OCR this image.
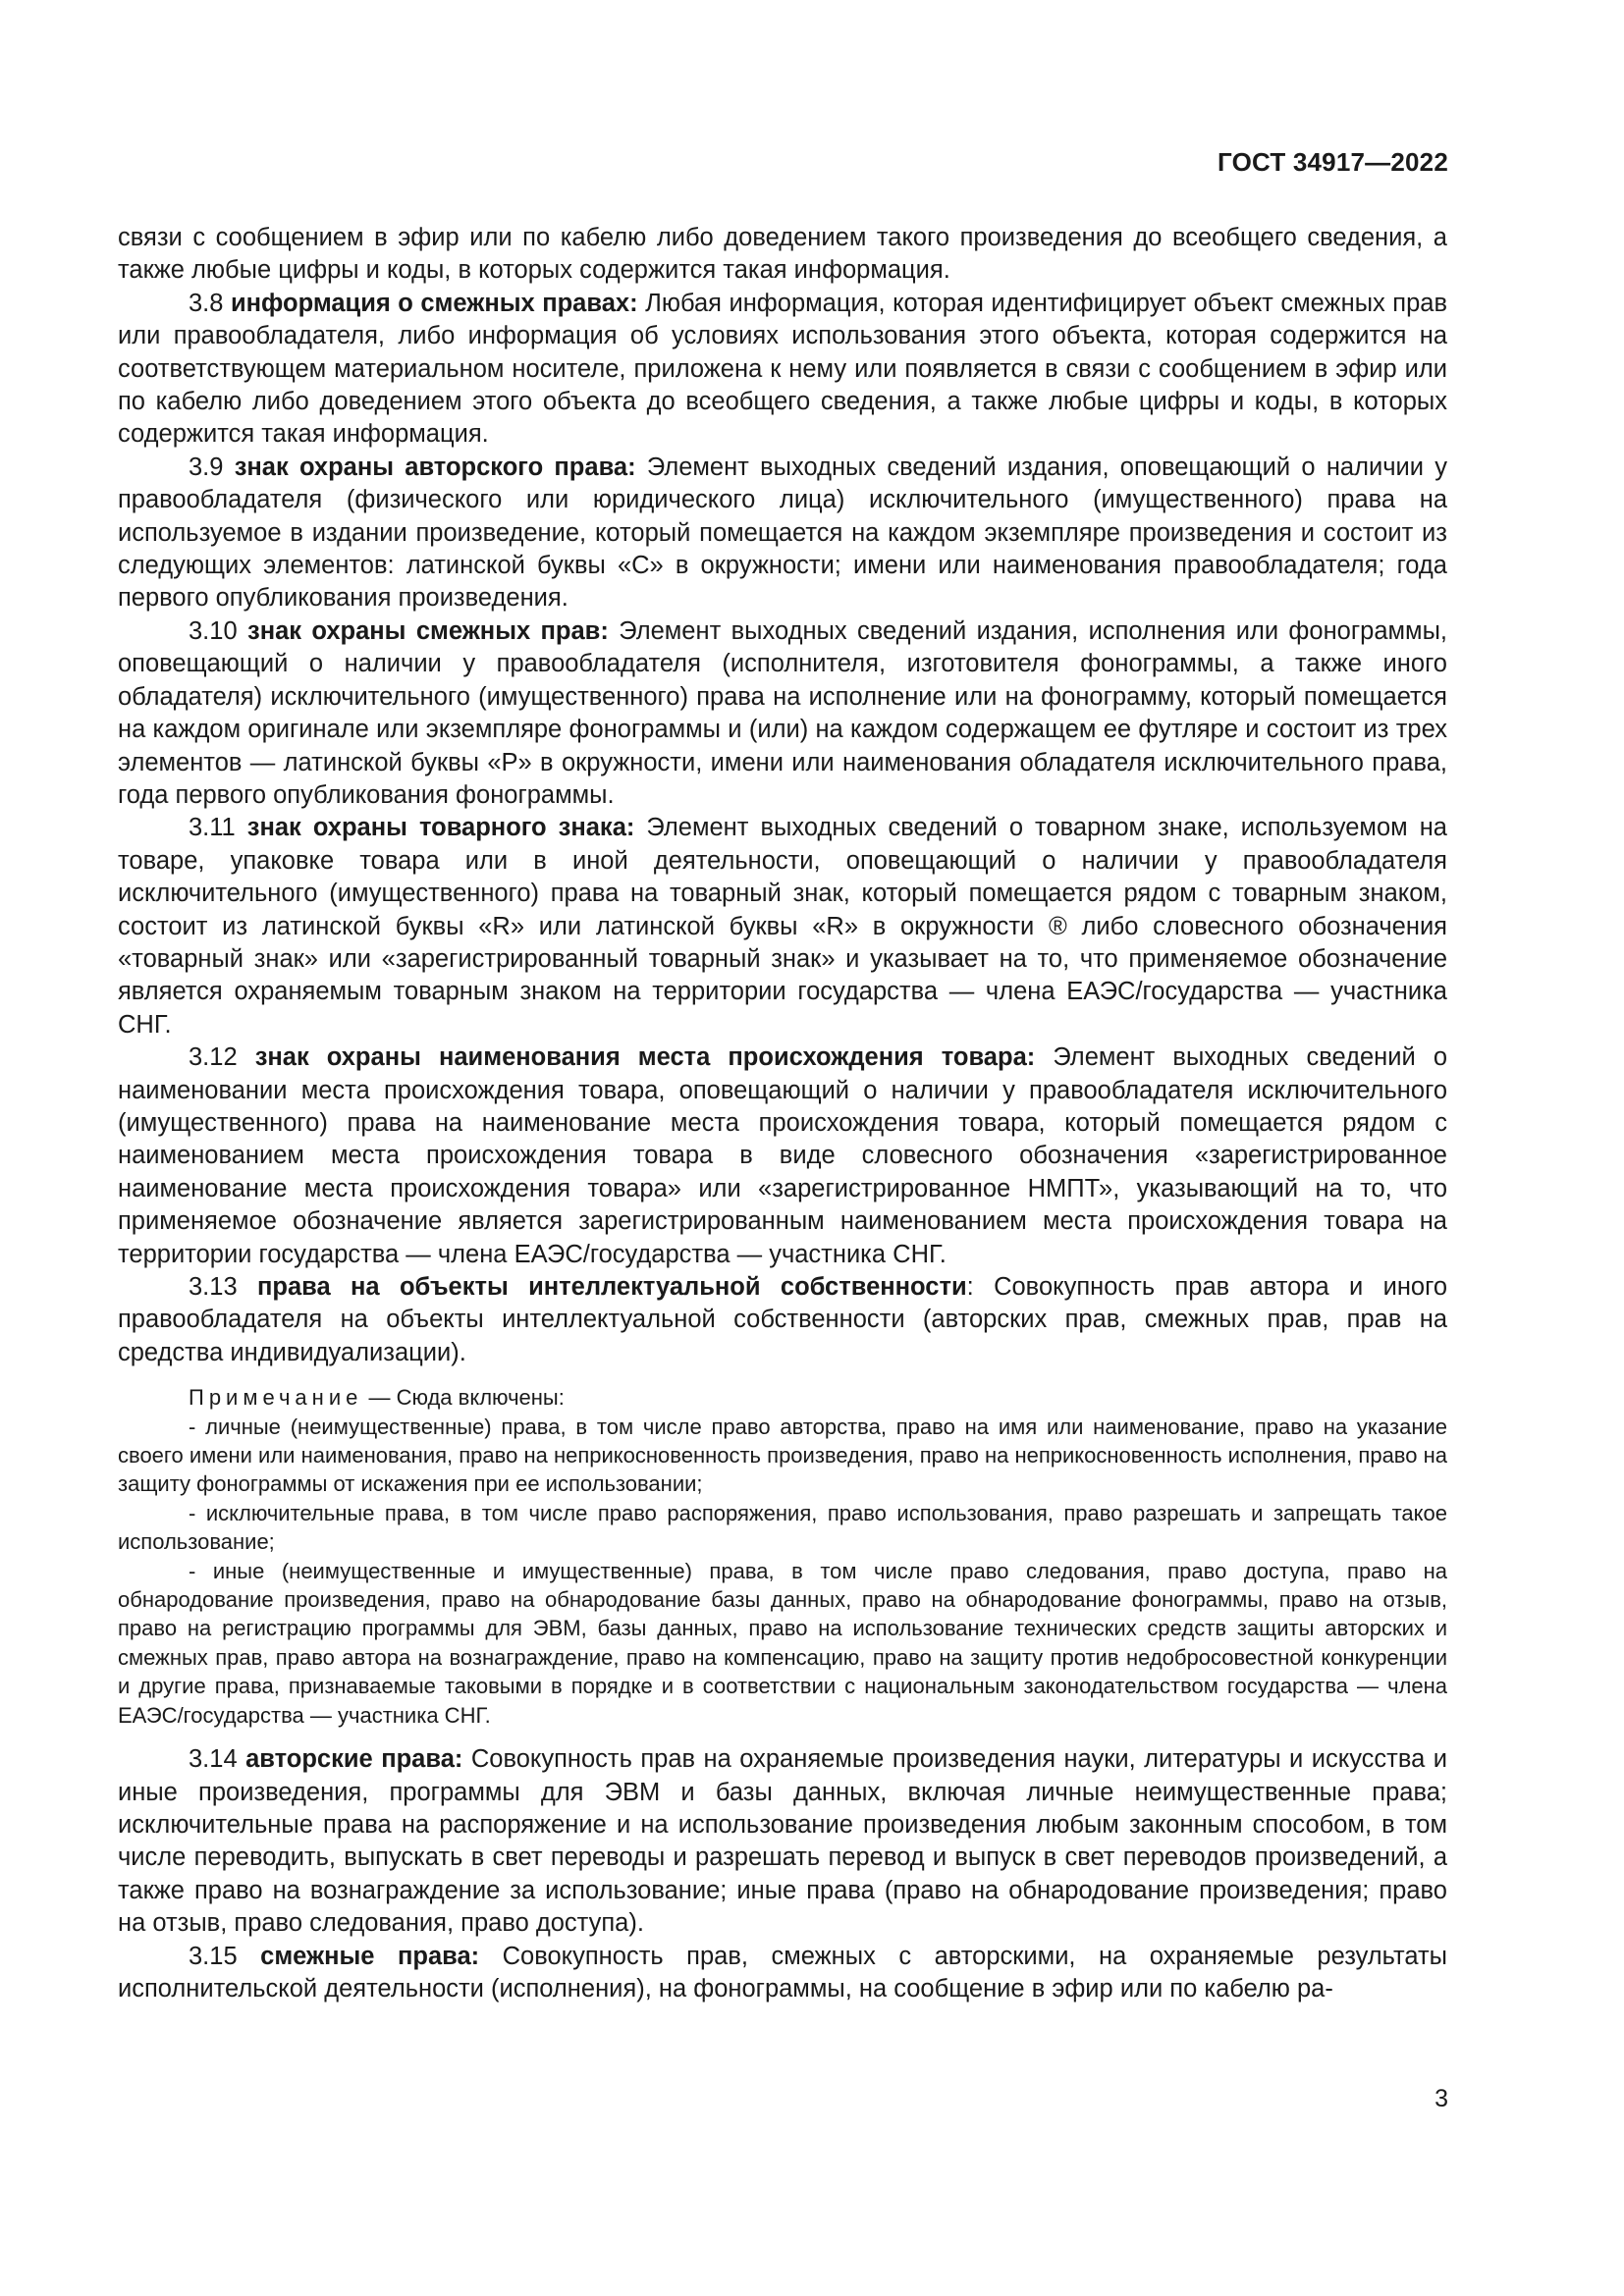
ГОСТ 34917—2022

связи с сообщением в эфир или по кабелю либо доведением такого произведения до всеобщего сведения, а также любые цифры и коды, в которых содержится такая информация.

3.8 информация о смежных правах: Любая информация, которая идентифицирует объект смежных прав или правообладателя, либо информация об условиях использования этого объекта, которая содержится на соответствующем материальном носителе, приложена к нему или появляется в связи с сообщением в эфир или по кабелю либо доведением этого объекта до всеобщего сведения, а также любые цифры и коды, в которых содержится такая информация.

3.9 знак охраны авторского права: Элемент выходных сведений издания, оповещающий о наличии у правообладателя (физического или юридического лица) исключительного (имущественного) права на используемое в издании произведение, который помещается на каждом экземпляре произведения и состоит из следующих элементов: латинской буквы «С» в окружности; имени или наименования правообладателя; года первого опубликования произведения.

3.10 знак охраны смежных прав: Элемент выходных сведений издания, исполнения или фонограммы, оповещающий о наличии у правообладателя (исполнителя, изготовителя фонограммы, а также иного обладателя) исключительного (имущественного) права на исполнение или на фонограмму, который помещается на каждом оригинале или экземпляре фонограммы и (или) на каждом содержащем ее футляре и состоит из трех элементов — латинской буквы «P» в окружности, имени или наименования обладателя исключительного права, года первого опубликования фонограммы.

3.11 знак охраны товарного знака: Элемент выходных сведений о товарном знаке, используемом на товаре, упаковке товара или в иной деятельности, оповещающий о наличии у правообладателя исключительного (имущественного) права на товарный знак, который помещается рядом с товарным знаком, состоит из латинской буквы «R» или латинской буквы «R» в окружности ® либо словесного обозначения «товарный знак» или «зарегистрированный товарный знак» и указывает на то, что применяемое обозначение является охраняемым товарным знаком на территории государства — члена ЕАЭС/государства — участника СНГ.

3.12 знак охраны наименования места происхождения товара: Элемент выходных сведений о наименовании места происхождения товара, оповещающий о наличии у правообладателя исключительного (имущественного) права на наименование места происхождения товара, который помещается рядом с наименованием места происхождения товара в виде словесного обозначения «зарегистрированное наименование места происхождения товара» или «зарегистрированное НМПТ», указывающий на то, что применяемое обозначение является зарегистрированным наименованием места происхождения товара на территории государства — члена ЕАЭС/государства — участника СНГ.

3.13 права на объекты интеллектуальной собственности: Совокупность прав автора и иного правообладателя на объекты интеллектуальной собственности (авторских прав, смежных прав, прав на средства индивидуализации).

Примечание — Сюда включены:

- личные (неимущественные) права, в том числе право авторства, право на имя или наименование, право на указание своего имени или наименования, право на неприкосновенность произведения, право на неприкосновенность исполнения, право на защиту фонограммы от искажения при ее использовании;

- исключительные права, в том числе право распоряжения, право использования, право разрешать и запрещать такое использование;

- иные (неимущественные и имущественные) права, в том числе право следования, право доступа, право на обнародование произведения, право на обнародование базы данных, право на обнародование фонограммы, право на отзыв, право на регистрацию программы для ЭВМ, базы данных, право на использование технических средств защиты авторских и смежных прав, право автора на вознаграждение, право на компенсацию, право на защиту против недобросовестной конкуренции и другие права, признаваемые таковыми в порядке и в соответствии с национальным законодательством государства — члена ЕАЭС/государства — участника СНГ.

3.14 авторские права: Совокупность прав на охраняемые произведения науки, литературы и искусства и иные произведения, программы для ЭВМ и базы данных, включая личные неимущественные права; исключительные права на распоряжение и на использование произведения любым законным способом, в том числе переводить, выпускать в свет переводы и разрешать перевод и выпуск в свет переводов произведений, а также право на вознаграждение за использование; иные права (право на обнародование произведения; право на отзыв, право следования, право доступа).

3.15 смежные права: Совокупность прав, смежных с авторскими, на охраняемые результаты исполнительской деятельности (исполнения), на фонограммы, на сообщение в эфир или по кабелю ра-

3
